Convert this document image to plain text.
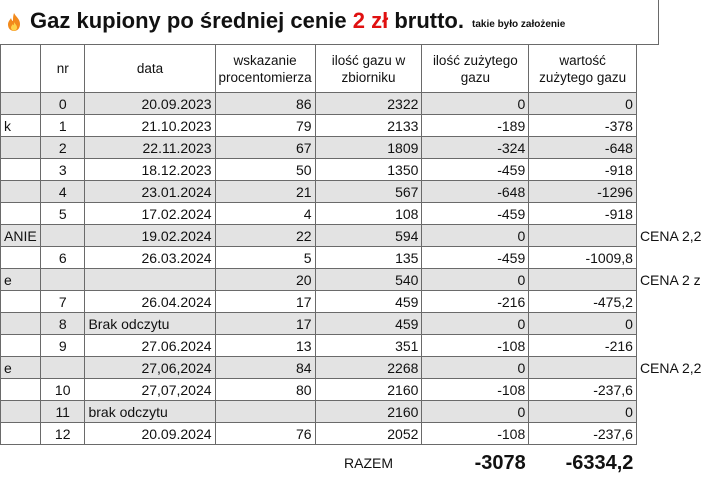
Gaz kupiony po średniej cenie 2 zł brutto. takie było założenie
	nr	data	wskazanie procentomierza	ilość gazu w zbiorniku	ilość zużytego gazu	wartość zużytego gazu	
	0	20.09.2023	86	2322	0	0	
k	1	21.10.2023	79	2133	-189	-378	
	2	22.11.2023	67	1809	-324	-648	
	3	18.12.2023	50	1350	-459	-918	
	4	23.01.2024	21	567	-648	-1296	
	5	17.02.2024	4	108	-459	-918	
ANIE		19.02.2024	22	594	0		CENA 2,2
	6	26.03.2024	5	135	-459	-1009,8	
e			20	540	0		CENA 2 z
	7	26.04.2024	17	459	-216	-475,2	
	8	Brak odczytu	17	459	0	0	
	9	27.06.2024	13	351	-108	-216	
e		27,06,2024	84	2268	0		CENA 2,2
	10	27,07,2024	80	2160	-108	-237,6	
	11	brak odczytu		2160	0	0	
	12	20.09.2024	76	2052	-108	-237,6	
				RAZEM	-3078	-6334,2	
